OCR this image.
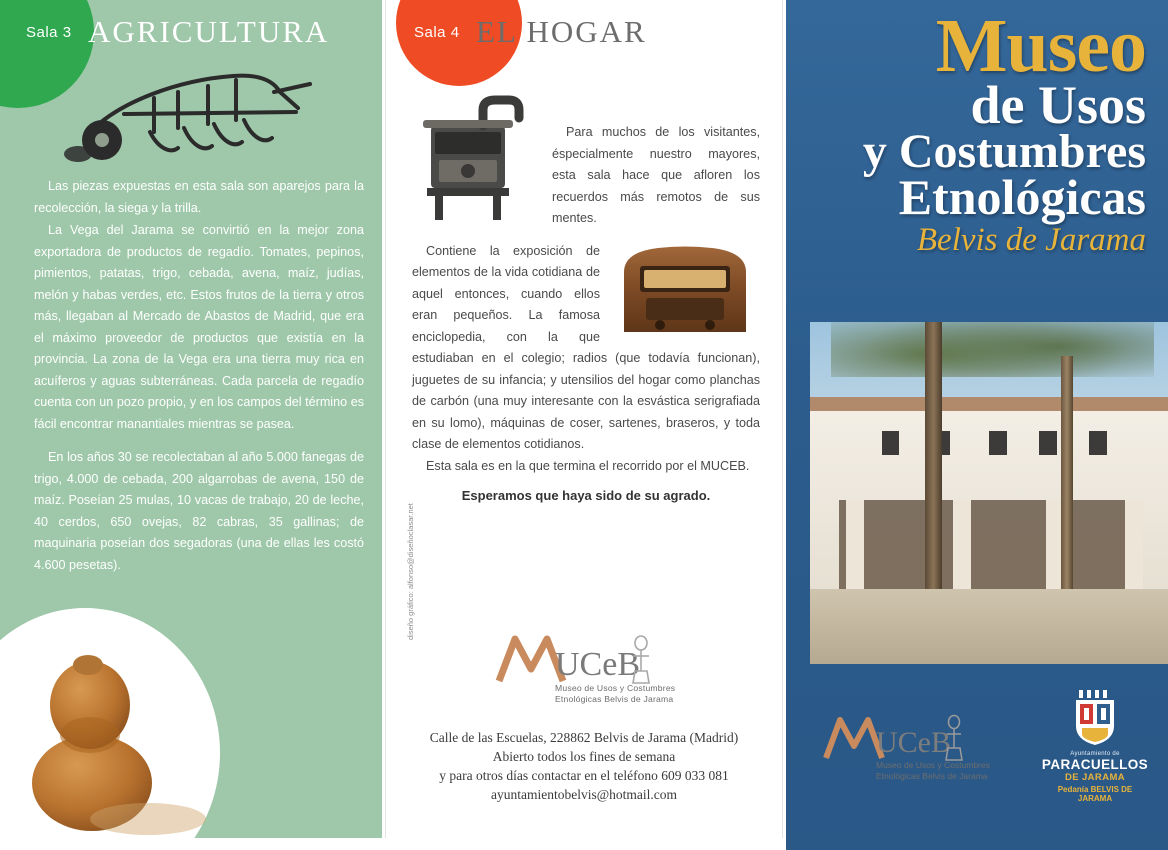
Sala 3 AGRICULTURA

Las piezas expuestas en esta sala son aparejos para la recolección, la siega y la trilla.

La Vega del Jarama se convirtió en la mejor zona exportadora de productos de regadío. Tomates, pepinos, pimientos, patatas, trigo, cebada, avena, maíz, judías, melón y habas verdes, etc. Estos frutos de la tierra y otros más, llegaban al Mercado de Abastos de Madrid, que era el máximo proveedor de productos que existía en la provincia. La zona de la Vega era una tierra muy rica en acuíferos y aguas subterráneas. Cada parcela de regadío cuenta con un pozo propio, y en los campos del término es fácil encontrar manantiales mientras se pasea.

En los años 30 se recolectaban al año 5.000 fanegas de trigo, 4.000 de cebada, 200 algarrobas de avena, 150 de maíz. Poseían 25 mulas, 10 vacas de trabajo, 20 de leche, 40 cerdos, 650 ovejas, 82 cabras, 35 gallinas; de maquinaria poseían dos segadoras (una de ellas les costó 4.600 pesetas).

Sala 4 EL HOGAR

Para muchos de los visitantes, éspecialmente nuestro mayores, esta sala hace que afloren los recuerdos más remotos de sus mentes.

Contiene la exposición de elementos de la vida cotidiana de aquel entonces, cuando ellos eran pequeños. La famosa enciclopedia, con la que estudiaban en el colegio; radios (que todavía funcionan), juguetes de su infancia; y utensilios del hogar como planchas de carbón (una muy interesante con la esvástica serigrafiada en su lomo), máquinas de coser, sartenes, braseros, y toda clase de elementos cotidianos.

Esta sala es en la que termina el recorrido por el MUCEB.

Esperamos que haya sido de su agrado.

UCeB
Museo de Usos y Costumbres
Etnológicas Belvis de Jarama
Calle de las Escuelas, 228862 Belvis de Jarama (Madrid)
Abierto todos los fines de semana
y para otros días contactar en el teléfono 609 033 081
ayuntamientobelvis@hotmail.com
diseño gráfico: alfonso@diseñoclasar.net
Museo
de Usos
y Costumbres
Etnológicas
Belvis de Jarama
UCeB
Museo de Usos y Costumbres
Etnológicas Belvis de Jarama
Ayuntamiento de
PARACUELLOS
DE JARAMA
Pedanía BELVIS DE JARAMA
